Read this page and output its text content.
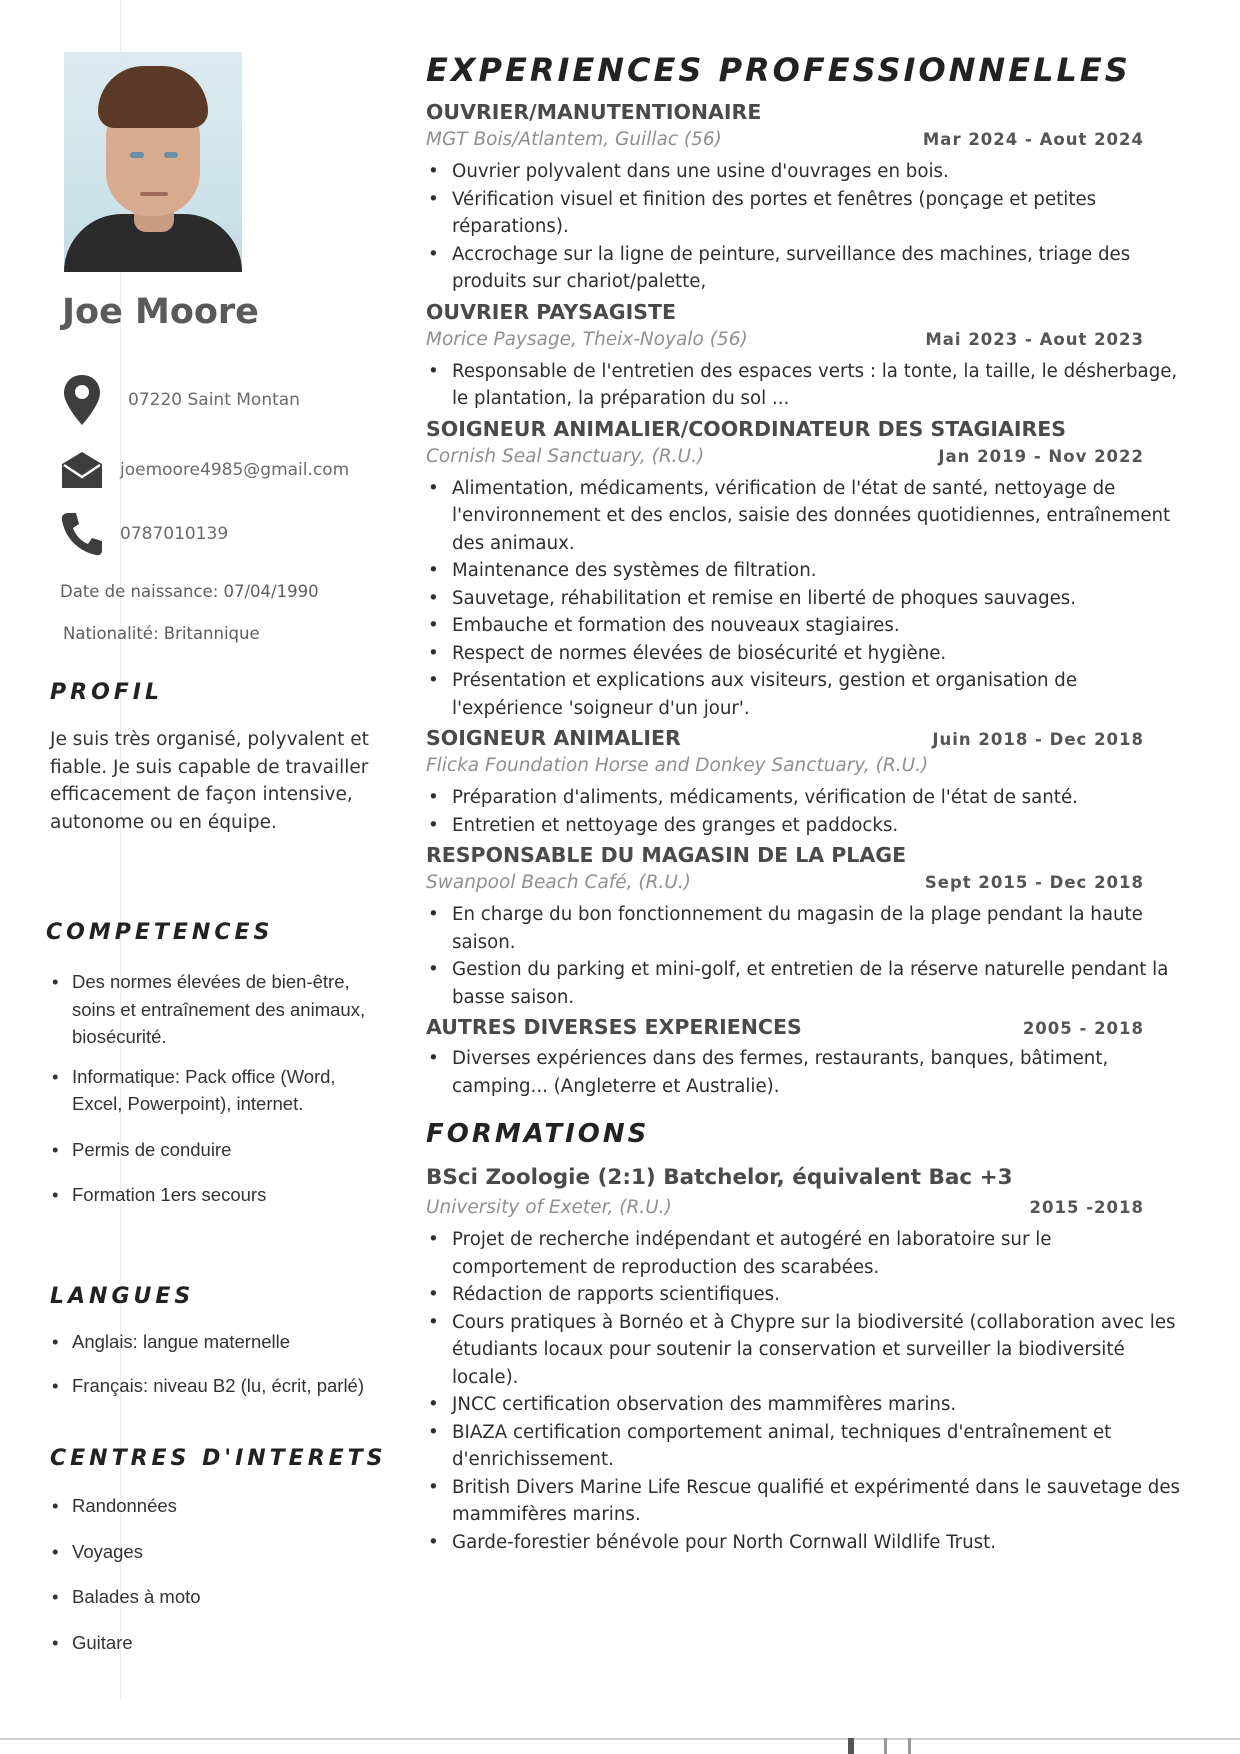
Joe Moore
07220 Saint Montan
joemoore4985@gmail.com
0787010139
Date de naissance: 07/04/1990
Nationalité: Britannique
PROFIL

Je suis très organisé, polyvalent et fiable. Je suis capable de travailler efficacement de façon intensive, autonome ou en équipe.

COMPETENCES
• Des normes élevées de bien-être, soins et entraînement des animaux, biosécurité.
• Informatique: Pack office (Word, Excel, Powerpoint), internet.
• Permis de conduire
• Formation 1ers secours
LANGUES
• Anglais: langue maternelle
• Français: niveau B2 (lu, écrit, parlé)
CENTRES D'INTERETS
• Randonnées
• Voyages
• Balades à moto
• Guitare
EXPERIENCES PROFESSIONNELLES
OUVRIER/MANUTENTIONAIRE
MGT Bois/Atlantem, Guillac (56)	Mar 2024 - Aout 2024
• Ouvrier polyvalent dans une usine d'ouvrages en bois.
• Vérification visuel et finition des portes et fenêtres (ponçage et petites réparations).
• Accrochage sur la ligne de peinture, surveillance des machines, triage des produits sur chariot/palette,
OUVRIER PAYSAGISTE
Morice Paysage, Theix-Noyalo (56)	Mai 2023 - Aout 2023
• Responsable de l'entretien des espaces verts : la tonte, la taille, le désherbage, le plantation, la préparation du sol ...
SOIGNEUR ANIMALIER/COORDINATEUR DES STAGIAIRES
Cornish Seal Sanctuary, (R.U.)	Jan 2019 - Nov 2022
• Alimentation, médicaments, vérification de l'état de santé, nettoyage de l'environnement et des enclos, saisie des données quotidiennes, entraînement des animaux.
• Maintenance des systèmes de filtration.
• Sauvetage, réhabilitation et remise en liberté de phoques sauvages.
• Embauche et formation des nouveaux stagiaires.
• Respect de normes élevées de biosécurité et hygiène.
• Présentation et explications aux visiteurs, gestion et organisation de l'expérience 'soigneur d'un jour'.
SOIGNEUR ANIMALIER	Juin 2018 - Dec 2018
Flicka Foundation Horse and Donkey Sanctuary, (R.U.)
• Préparation d'aliments, médicaments, vérification de l'état de santé.
• Entretien et nettoyage des granges et paddocks.
RESPONSABLE DU MAGASIN DE LA PLAGE
Swanpool Beach Café, (R.U.)	Sept 2015 - Dec 2018
• En charge du bon fonctionnement du magasin de la plage pendant la haute saison.
• Gestion du parking et mini-golf, et entretien de la réserve naturelle pendant la basse saison.
AUTRES DIVERSES EXPERIENCES	2005 - 2018
• Diverses expériences dans des fermes, restaurants, banques, bâtiment, camping... (Angleterre et Australie).
FORMATIONS
BSci Zoologie (2:1) Batchelor, équivalent Bac +3
University of Exeter, (R.U.)	2015 -2018
• Projet de recherche indépendant et autogéré en laboratoire sur le comportement de reproduction des scarabées.
• Rédaction de rapports scientifiques.
• Cours pratiques à Bornéo et à Chypre sur la biodiversité (collaboration avec les étudiants locaux pour soutenir la conservation et surveiller la biodiversité locale).
• JNCC certification observation des mammifères marins.
• BIAZA certification comportement animal, techniques d'entraînement et d'enrichissement.
• British Divers Marine Life Rescue qualifié et expérimenté dans le sauvetage des mammifères marins.
• Garde-forestier bénévole pour North Cornwall Wildlife Trust.
